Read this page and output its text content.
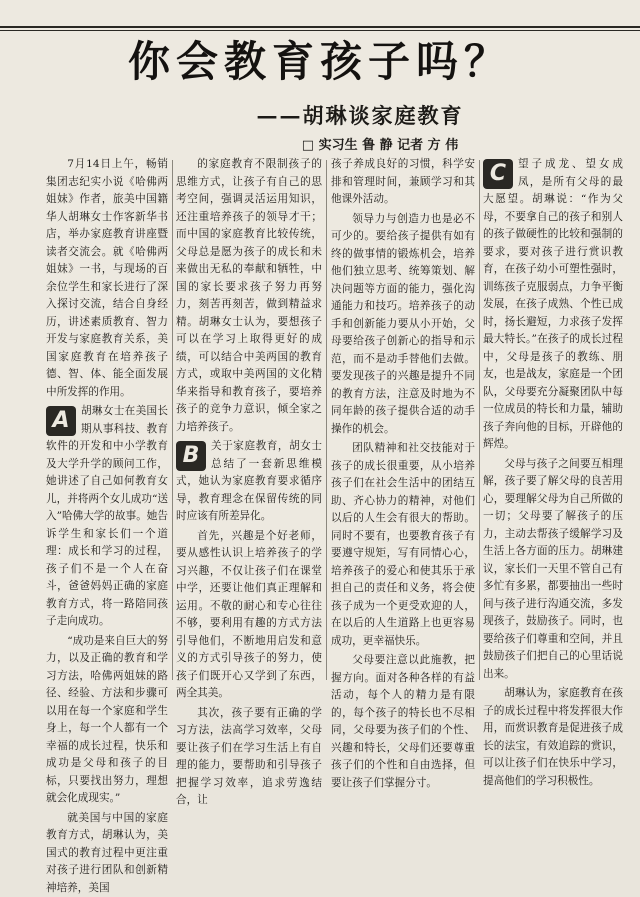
你会教育孩子吗？
——胡琳谈家庭教育
□ 实习生 鲁 静 记者 方 伟

7月14日上午，畅销集团志纪实小说《哈佛两姐妹》作者，旅美中国籍华人胡琳女士作客新华书店，举办家庭教育讲座暨读者交流会。就《哈佛两姐妹》一书，与现场的百余位学生和家长进行了深入探讨交流，结合自身经历，讲述素质教育、智力开发与家庭教育关系，美国家庭教育在培养孩子德、智、体、能全面发展中所发挥的作用。

A	胡琳女士在美国长期从事科技、教育软件的开发和中小学教育及大学升学的顾问工作，她讲述了自己如何教育女儿，并将两个女儿成功“送入”哈佛大学的故事。她告诉学生和家长们一个道理：成长和学习的过程，孩子们不是一个人在奋斗，爸爸妈妈正确的家庭教育方式，将一路陪同孩子走向成功。

“成功是来自巨大的努力，以及正确的教育和学习方法，哈佛两姐妹的路径、经验、方法和步骤可以用在每一个家庭和学生身上，每一个人都有一个幸福的成长过程，快乐和成功是父母和孩子的目标，只要找出努力，理想就会化成现实。”

就美国与中国的家庭教育方式，胡琳认为，美国式的教育过程中更注重对孩子进行团队和创新精神培养，美国

的家庭教育不限制孩子的思维方式，让孩子有自己的思考空间，强调灵活运用知识，还注重培养孩子的领导才干；而中国的家庭教育比较传统，父母总是愿为孩子的成长和未来做出无私的奉献和牺牲，中国的家长要求孩子努力再努力，刻苦再刻苦，做到精益求精。胡琳女士认为，要想孩子可以在学习上取得更好的成绩，可以结合中美两国的教育方式，或取中美两国的文化精华来指导和教育孩子，要培养孩子的竞争力意识，倾全家之力培养孩子。

B	关于家庭教育，胡女士总结了一套新思维模式，她认为家庭教育要求循序导，教育理念在保留传统的同时应该有所差异化。

首先，兴趣是个好老师，要从感性认识上培养孩子的学习兴趣，不仅让孩子们在课堂中学，还要让他们真正理解和运用。不敬的耐心和专心往往不够，要利用有趣的方式方法引导他们，不断地用启发和意义的方式引导孩子的努力，使孩子们既开心又学到了东西，两全其美。

其次，孩子要有正确的学习方法，法高学习效率，父母要让孩子们在学习生活上有自理的能力，要帮助和引导孩子把握学习效率，追求劳逸结合，让

孩子养成良好的习惯，科学安排和管理时间，兼顾学习和其他课外活动。

领导力与创造力也是必不可少的。要给孩子提供有如有终的做事情的锻炼机会，培养他们独立思考、统筹策划、解决问题等方面的能力，强化沟通能力和技巧。培养孩子的动手和创新能力要从小开始，父母要给孩子创新心的指导和示范，而不是动手替他们去做。要发现孩子的兴趣是提升不同的教育方法，注意及时地为不同年龄的孩子提供合适的动手操作的机会。

团队精神和社交技能对于孩子的成长很重要，从小培养孩子们在社会生活中的团结互助、齐心协力的精神，对他们以后的人生会有很大的帮助。同时不要有，也要教育孩子有要遵守规矩，写有同情心心，培养孩子的爱心和使其乐于承担自己的责任和义务，将会使孩子成为一个更受欢迎的人，在以后的人生道路上也更容易成功，更幸福快乐。

父母要注意以此施教，把握方向。面对各种各样的有益活动，每个人的精力是有限的，每个孩子的特长也不尽相同，父母要为孩子们的个性、兴趣和特长，父母们还要尊重孩子们的个性和自由选择，但要让孩子们掌握分寸。

C	望子成龙、望女成凤，是所有父母的最大愿望。胡琳说：“作为父母，不要拿自己的孩子和别人的孩子做硬性的比较和强制的要求，要对孩子进行赏识教育，在孩子幼小可塑性强时，训练孩子克服弱点，力争平衡发展，在孩子成熟、个性已成时，扬长避短，力求孩子发挥最大特长。”在孩子的成长过程中，父母是孩子的教练、朋友，也是战友，家庭是一个团队，父母要充分凝聚团队中每一位成员的特长和力量，辅助孩子奔向他的目标，开辟他的辉煌。

父母与孩子之间要互相理解，孩子要了解父母的良苦用心，要理解父母为自己所做的一切；父母要了解孩子的压力，主动去帮孩子缓解学习及生活上各方面的压力。胡琳建议，家长们一天里不管自己有多忙有多累，都要抽出一些时间与孩子进行沟通交流，多发现孩子，鼓励孩子。同时，也要给孩子们尊重和空间，并且鼓励孩子们把自己的心里话说出来。

胡琳认为，家庭教育在孩子的成长过程中将发挥很大作用，而赏识教育是促进孩子成长的法宝，有效追踪的赏识，可以让孩子们在快乐中学习，提高他们的学习积极性。
